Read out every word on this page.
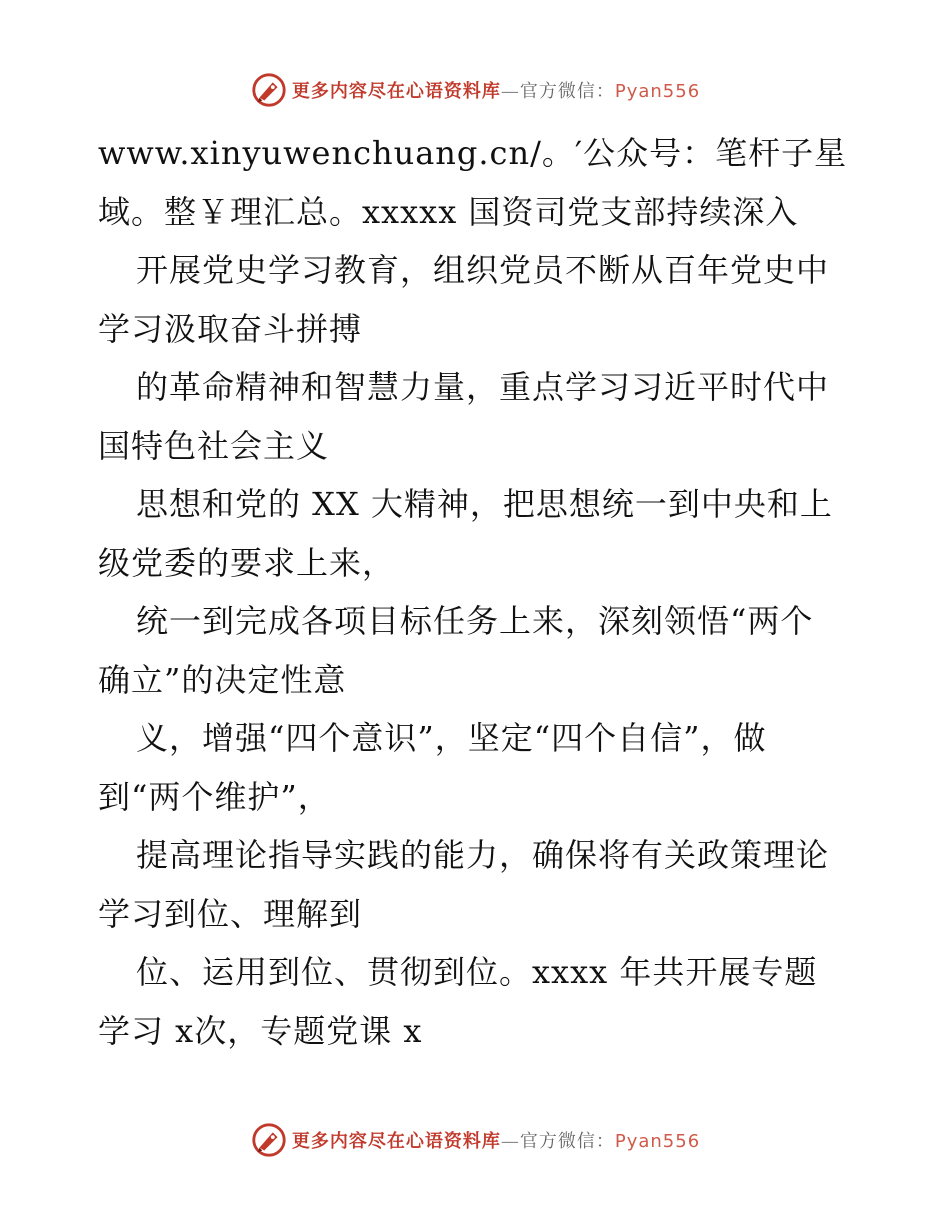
更多内容尽在心语资料库—官方微信：Pyan556
www.xinyuwenchuang.cn/。′公众号：笔杆子星
域。整￥理汇总。xxxxx 国资司党支部持续深入
开展党史学习教育，组织党员不断从百年党史中
学习汲取奋斗拼搏
的革命精神和智慧力量，重点学习习近平时代中
国特色社会主义
思想和党的 XX 大精神，把思想统一到中央和上
级党委的要求上来，
统一到完成各项目标任务上来，深刻领悟“两个
确立”的决定性意
义，增强“四个意识”，坚定“四个自信”，做
到“两个维护”，
提高理论指导实践的能力，确保将有关政策理论
学习到位、理解到
位、运用到位、贯彻到位。xxxx 年共开展专题
学习 x次，专题党课 x
更多内容尽在心语资料库—官方微信：Pyan556
